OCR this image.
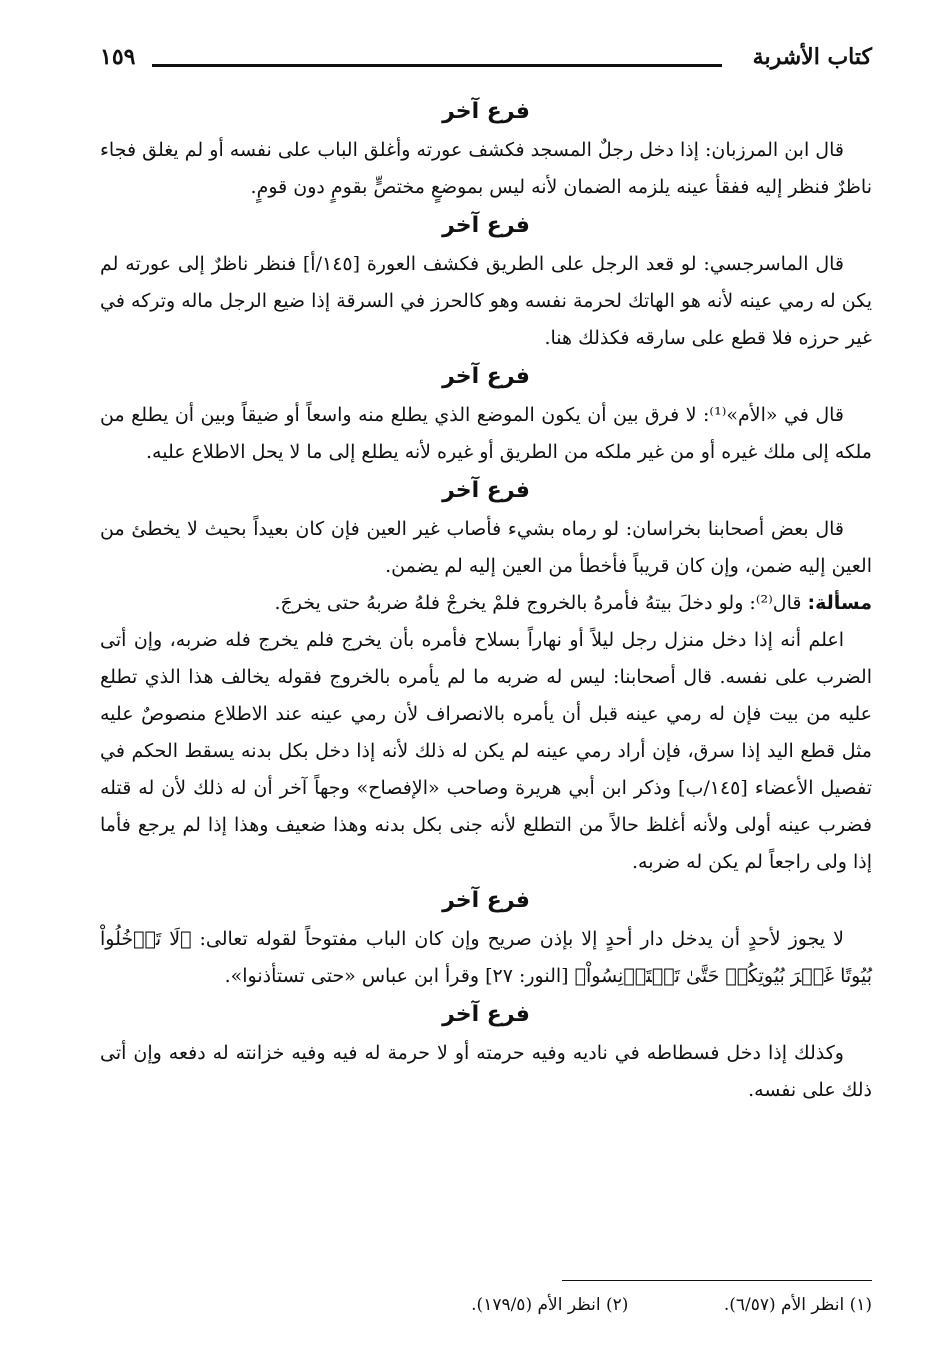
كتاب الأشربة
١٥٩
فرع آخر

قال ابن المرزبان: إذا دخل رجلٌ المسجد فكشف عورته وأغلق الباب على نفسه أو لم يغلق فجاء ناظرٌ فنظر إليه ففقأ عينه يلزمه الضمان لأنه ليس بموضعٍ مختصٍّ بقومٍ دون قومٍ.

فرع آخر

قال الماسرجسي: لو قعد الرجل على الطريق فكشف العورة [١٤٥/أ] فنظر ناظرٌ إلى عورته لم يكن له رمي عينه لأنه هو الهاتك لحرمة نفسه وهو كالحرز في السرقة إذا ضيع الرجل ماله وتركه في غير حرزه فلا قطع على سارقه فكذلك هنا.

فرع آخر

قال في «الأم»⁽¹⁾: لا فرق بين أن يكون الموضع الذي يطلع منه واسعاً أو ضيقاً وبين أن يطلع من ملكه إلى ملك غيره أو من غير ملكه من الطريق أو غيره لأنه يطلع إلى ما لا يحل الاطلاع عليه.

فرع آخر

قال بعض أصحابنا بخراسان: لو رماه بشيء فأصاب غير العين فإن كان بعيداً بحيث لا يخطئ من العين إليه ضمن، وإن كان قريباً فأخطأ من العين إليه لم يضمن.

مسألة: قال⁽²⁾: ولو دخلَ بيتهُ فأمرهُ بالخروج فلمْ يخرجْ فلهُ ضربهُ حتى يخرجَ.

اعلم أنه إذا دخل منزل رجل ليلاً أو نهاراً بسلاح فأمره بأن يخرج فلم يخرج فله ضربه، وإن أتى الضرب على نفسه. قال أصحابنا: ليس له ضربه ما لم يأمره بالخروج فقوله يخالف هذا الذي تطلع عليه من بيت فإن له رمي عينه قبل أن يأمره بالانصراف لأن رمي عينه عند الاطلاع منصوصٌ عليه مثل قطع اليد إذا سرق، فإن أراد رمي عينه لم يكن له ذلك لأنه إذا دخل بكل بدنه يسقط الحكم في تفصيل الأعضاء [١٤٥/ب] وذكر ابن أبي هريرة وصاحب «الإفصاح» وجهاً آخر أن له ذلك لأن له قتله فضرب عينه أولى ولأنه أغلظ حالاً من التطلع لأنه جنى بكل بدنه وهذا ضعيف وهذا إذا لم يرجع فأما إذا ولى راجعاً لم يكن له ضربه.

فرع آخر

لا يجوز لأحدٍ أن يدخل دار أحدٍ إلا بإذن صريح وإن كان الباب مفتوحاً لقوله تعالى: ﴿لَا تَدۡخُلُواْ بُيُوتًا غَيۡرَ بُيُوتِكُمۡ حَتَّىٰ تَسۡتَأۡنِسُواْ﴾ [النور: ٢٧] وقرأ ابن عباس «حتى تستأذنوا».

فرع آخر

وكذلك إذا دخل فسطاطه في ناديه وفيه حرمته أو لا حرمة له فيه وفيه خزانته له دفعه وإن أتى ذلك على نفسه.

(١) انظر الأم (٦/٥٧). (٢) انظر الأم (١٧٩/٥).
